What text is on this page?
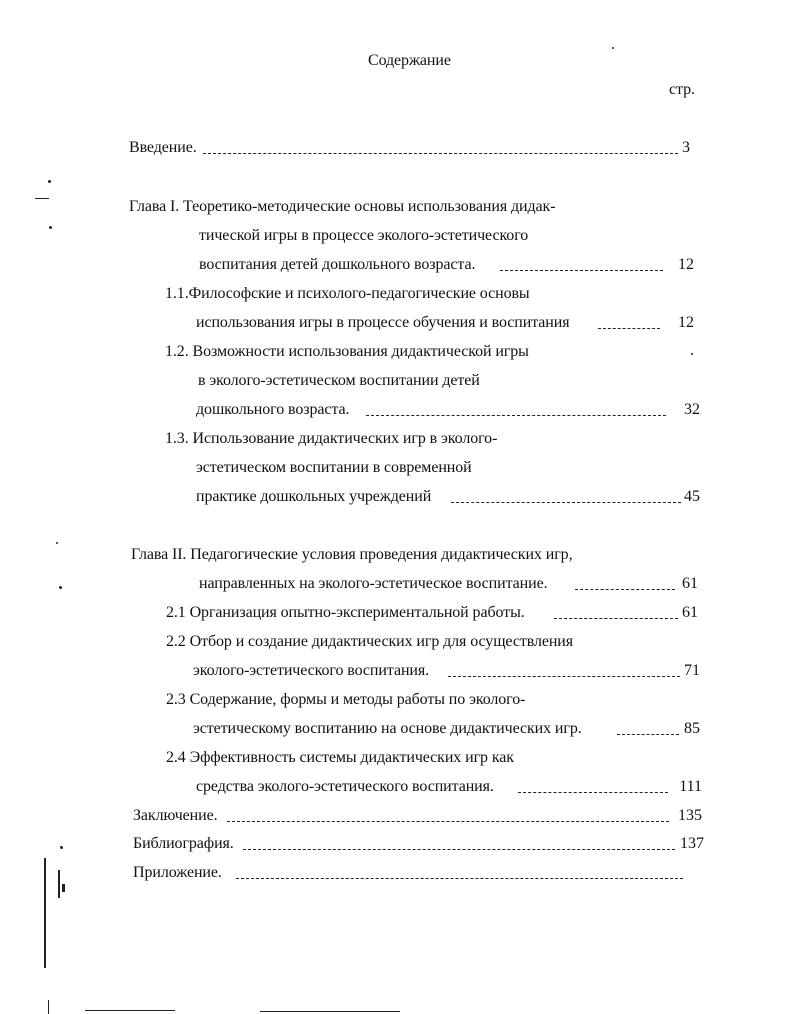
Содержание
стр.
Введение.	3
Глава I. Теоретико-методические основы использования дидак-
тической игры в процессе эколого-эстетического
воспитания детей дошкольного возраста.	12
1.1.Философские и психолого-педагогические основы
использования игры в процессе обучения и воспитания	12
1.2. Возможности использования дидактической игры
в эколого-эстетическом воспитании детей
дошкольного возраста.	32
1.3. Использование дидактических игр в эколого-
эстетическом воспитании в современной
практике дошкольных учреждений	45
Глава II. Педагогические условия проведения дидактических игр,
направленных на эколого-эстетическое воспитание.	61
2.1 Организация опытно-экспериментальной работы.	61
2.2 Отбор и создание дидактических игр для осуществления
эколого-эстетического воспитания.	71
2.3 Содержание, формы и методы работы по эколого-
эстетическому воспитанию на основе дидактических игр.	85
2.4 Эффективность системы дидактических игр как
средства эколого-эстетического воспитания.	111
Заключение.	135
Библиография.	137
Приложение.
